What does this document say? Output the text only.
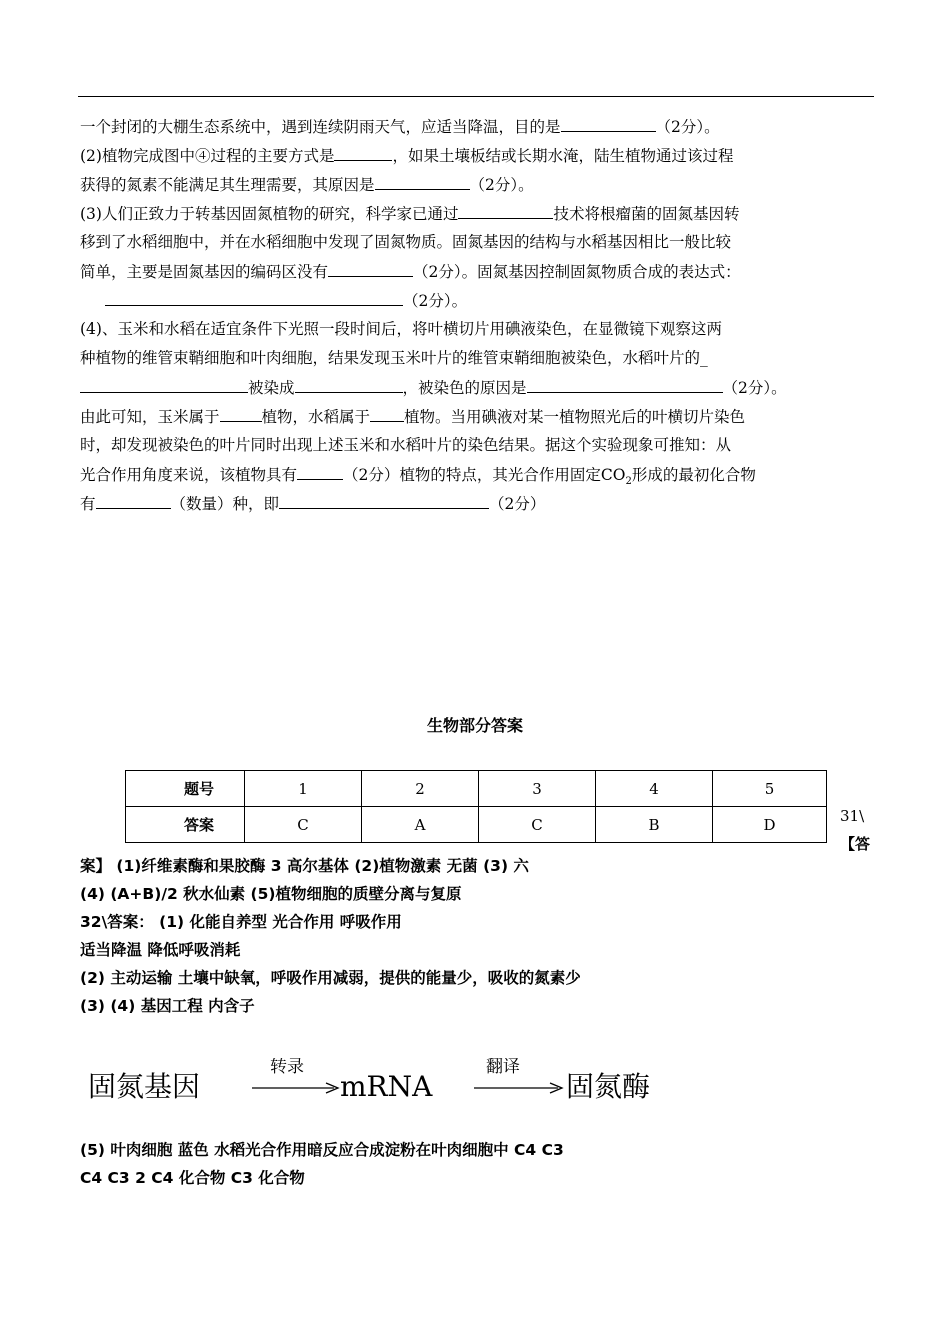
一个封闭的大棚生态系统中，遇到连续阴雨天气，应适当降温，目的是	（2分）。
(2)植物完成图中④过程的主要方式是	，如果土壤板结或长期水淹，陆生植物通过该过程
获得的氮素不能满足其生理需要，其原因是	（2分）。
(3)人们正致力于转基因固氮植物的研究，科学家已通过	技术将根瘤菌的固氮基因转
移到了水稻细胞中，并在水稻细胞中发现了固氮物质。固氮基因的结构与水稻基因相比一般比较
简单，主要是固氮基因的编码区没有	（2分）。固氮基因控制固氮物质合成的表达式：
（2分）。
(4)、玉米和水稻在适宜条件下光照一段时间后，将叶横切片用碘液染色，在显微镜下观察这两
种植物的维管束鞘细胞和叶肉细胞，结果发现玉米叶片的维管束鞘细胞被染色，水稻叶片的_
被染成	，被染色的原因是	（2分）。
由此可知，玉米属于	植物，水稻属于 植物。当用碘液对某一植物照光后的叶横切片染色
时，却发现被染色的叶片同时出现上述玉米和水稻叶片的染色结果。据这个实验现象可推知：从
光合作用角度来说，该植物具有	（2分）植物的特点，其光合作用固定$CO_2$形成的最初化合物
有	（数量）种，即	（2分）
生物部分答案
题号	1	2	3	4	5
答案	C	A	C	B	D	31\

【答
案】 (1)纤维素酶和果胶酶 3 高尔基体 (2)植物激素 无菌 (3) 六
(4) (A+B)/2 秋水仙素 (5)植物细胞的质壁分离与复原
32\答案： (1) 化能自养型 光合作用 呼吸作用
适当降温 降低呼吸消耗
(2) 主动运输 土壤中缺氧，呼吸作用减弱，提供的能量少，吸收的氮素少
(3) (4) 基因工程 内含子
固氮基因
转录
mRNA
翻译
固氮酶
(5) 叶肉细胞 蓝色 水稻光合作用暗反应合成淀粉在叶肉细胞中 C4 C3
C4 C3 2 C4 化合物 C3 化合物
